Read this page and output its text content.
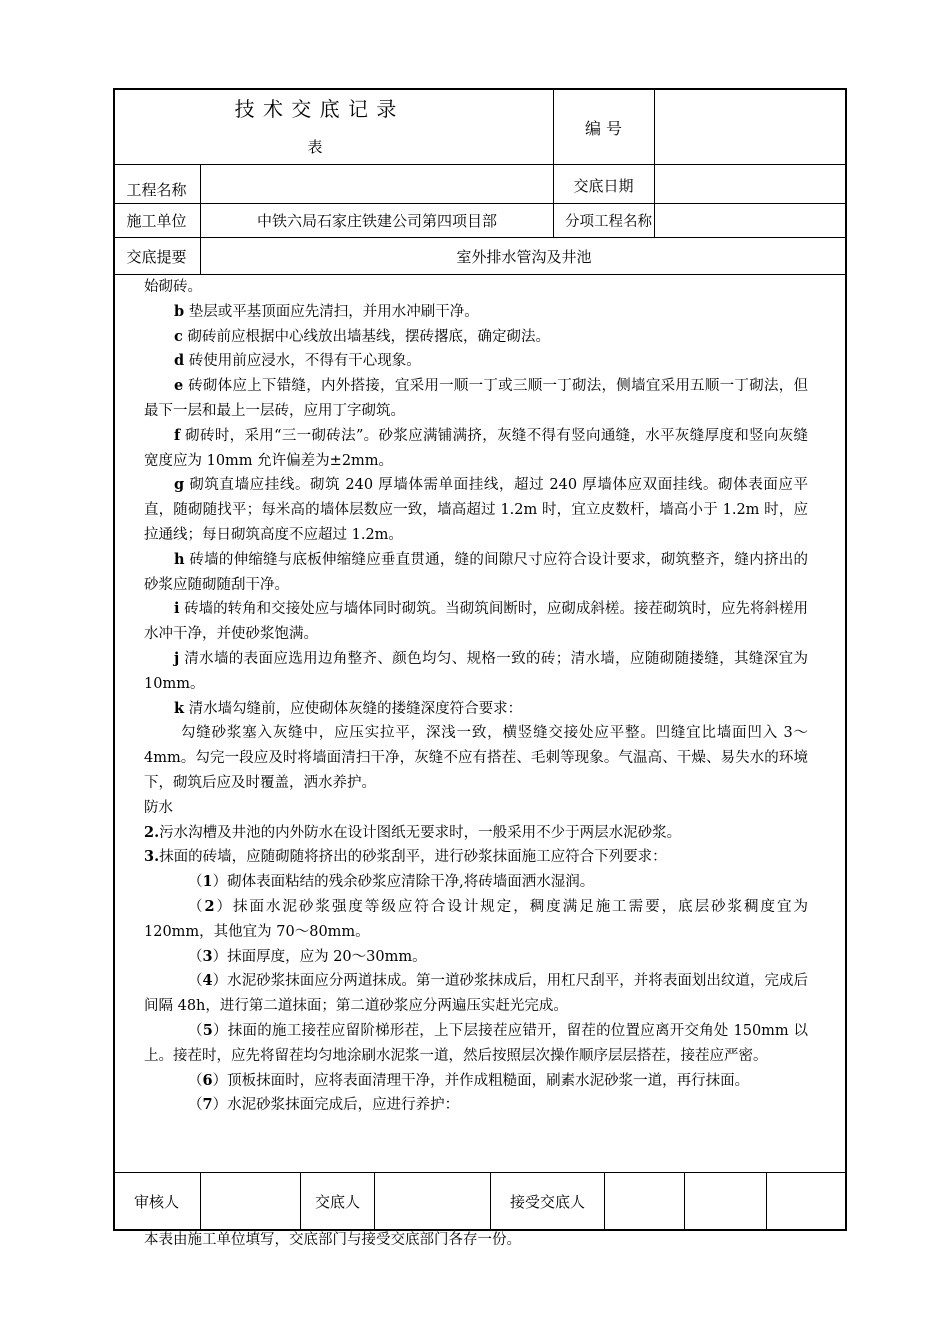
技 术 交 底 记 录
表
编 号
工程名称	交底日期
施工单位	中铁六局石家庄铁建公司第四项目部	分项工程名称
交底提要	室外排水管沟及井池

始砌砖。

b 垫层或平基顶面应先清扫，并用水冲刷干净。

c 砌砖前应根据中心线放出墙基线，摆砖撂底，确定砌法。

d 砖使用前应浸水，不得有干心现象。

e 砖砌体应上下错缝，内外搭接，宜采用一顺一丁或三顺一丁砌法，侧墙宜采用五顺一丁砌法，但最下一层和最上一层砖，应用丁字砌筑。

f 砌砖时，采用“三一砌砖法”。砂浆应满铺满挤，灰缝不得有竖向通缝，水平灰缝厚度和竖向灰缝宽度应为 10mm 允许偏差为±2mm。

g 砌筑直墙应挂线。砌筑 240 厚墙体需单面挂线，超过 240 厚墙体应双面挂线。砌体表面应平直，随砌随找平；每米高的墙体层数应一致，墙高超过 1.2m 时，宜立皮数杆，墙高小于 1.2m 时，应拉通线；每日砌筑高度不应超过 1.2m。

h 砖墙的伸缩缝与底板伸缩缝应垂直贯通，缝的间隙尺寸应符合设计要求，砌筑整齐，缝内挤出的砂浆应随砌随刮干净。

i 砖墙的转角和交接处应与墙体同时砌筑。当砌筑间断时，应砌成斜槎。接茬砌筑时，应先将斜槎用水冲干净，并使砂浆饱满。

j 清水墙的表面应选用边角整齐、颜色均匀、规格一致的砖；清水墙，应随砌随搂缝，其缝深宜为 10mm。

k 清水墙勾缝前，应使砌体灰缝的搂缝深度符合要求：

勾缝砂浆塞入灰缝中，应压实拉平，深浅一致，横竖缝交接处应平整。凹缝宜比墙面凹入 3～4mm。勾完一段应及时将墙面清扫干净，灰缝不应有搭茬、毛刺等现象。气温高、干燥、易失水的环境下，砌筑后应及时覆盖，洒水养护。

防水

2.污水沟槽及井池的内外防水在设计图纸无要求时，一般采用不少于两层水泥砂浆。

3.抹面的砖墙，应随砌随将挤出的砂浆刮平，进行砂浆抹面施工应符合下列要求：

（1）砌体表面粘结的残余砂浆应清除干净,将砖墙面洒水湿润。

（2）抹面水泥砂浆强度等级应符合设计规定，稠度满足施工需要，底层砂浆稠度宜为 120mm，其他宜为 70～80mm。

（3）抹面厚度，应为 20～30mm。

（4）水泥砂浆抹面应分两道抹成。第一道砂浆抹成后，用杠尺刮平，并将表面划出纹道，完成后间隔 48h，进行第二道抹面；第二道砂浆应分两遍压实赶光完成。

（5）抹面的施工接茬应留阶梯形茬，上下层接茬应错开，留茬的位置应离开交角处 150mm 以上。接茬时，应先将留茬均匀地涂刷水泥浆一道，然后按照层次操作顺序层层搭茬，接茬应严密。

（6）顶板抹面时，应将表面清理干净，并作成粗糙面，刷素水泥砂浆一道，再行抹面。

（7）水泥砂浆抹面完成后，应进行养护：

审核人	交底人	接受交底人
本表由施工单位填写，交底部门与接受交底部门各存一份。
